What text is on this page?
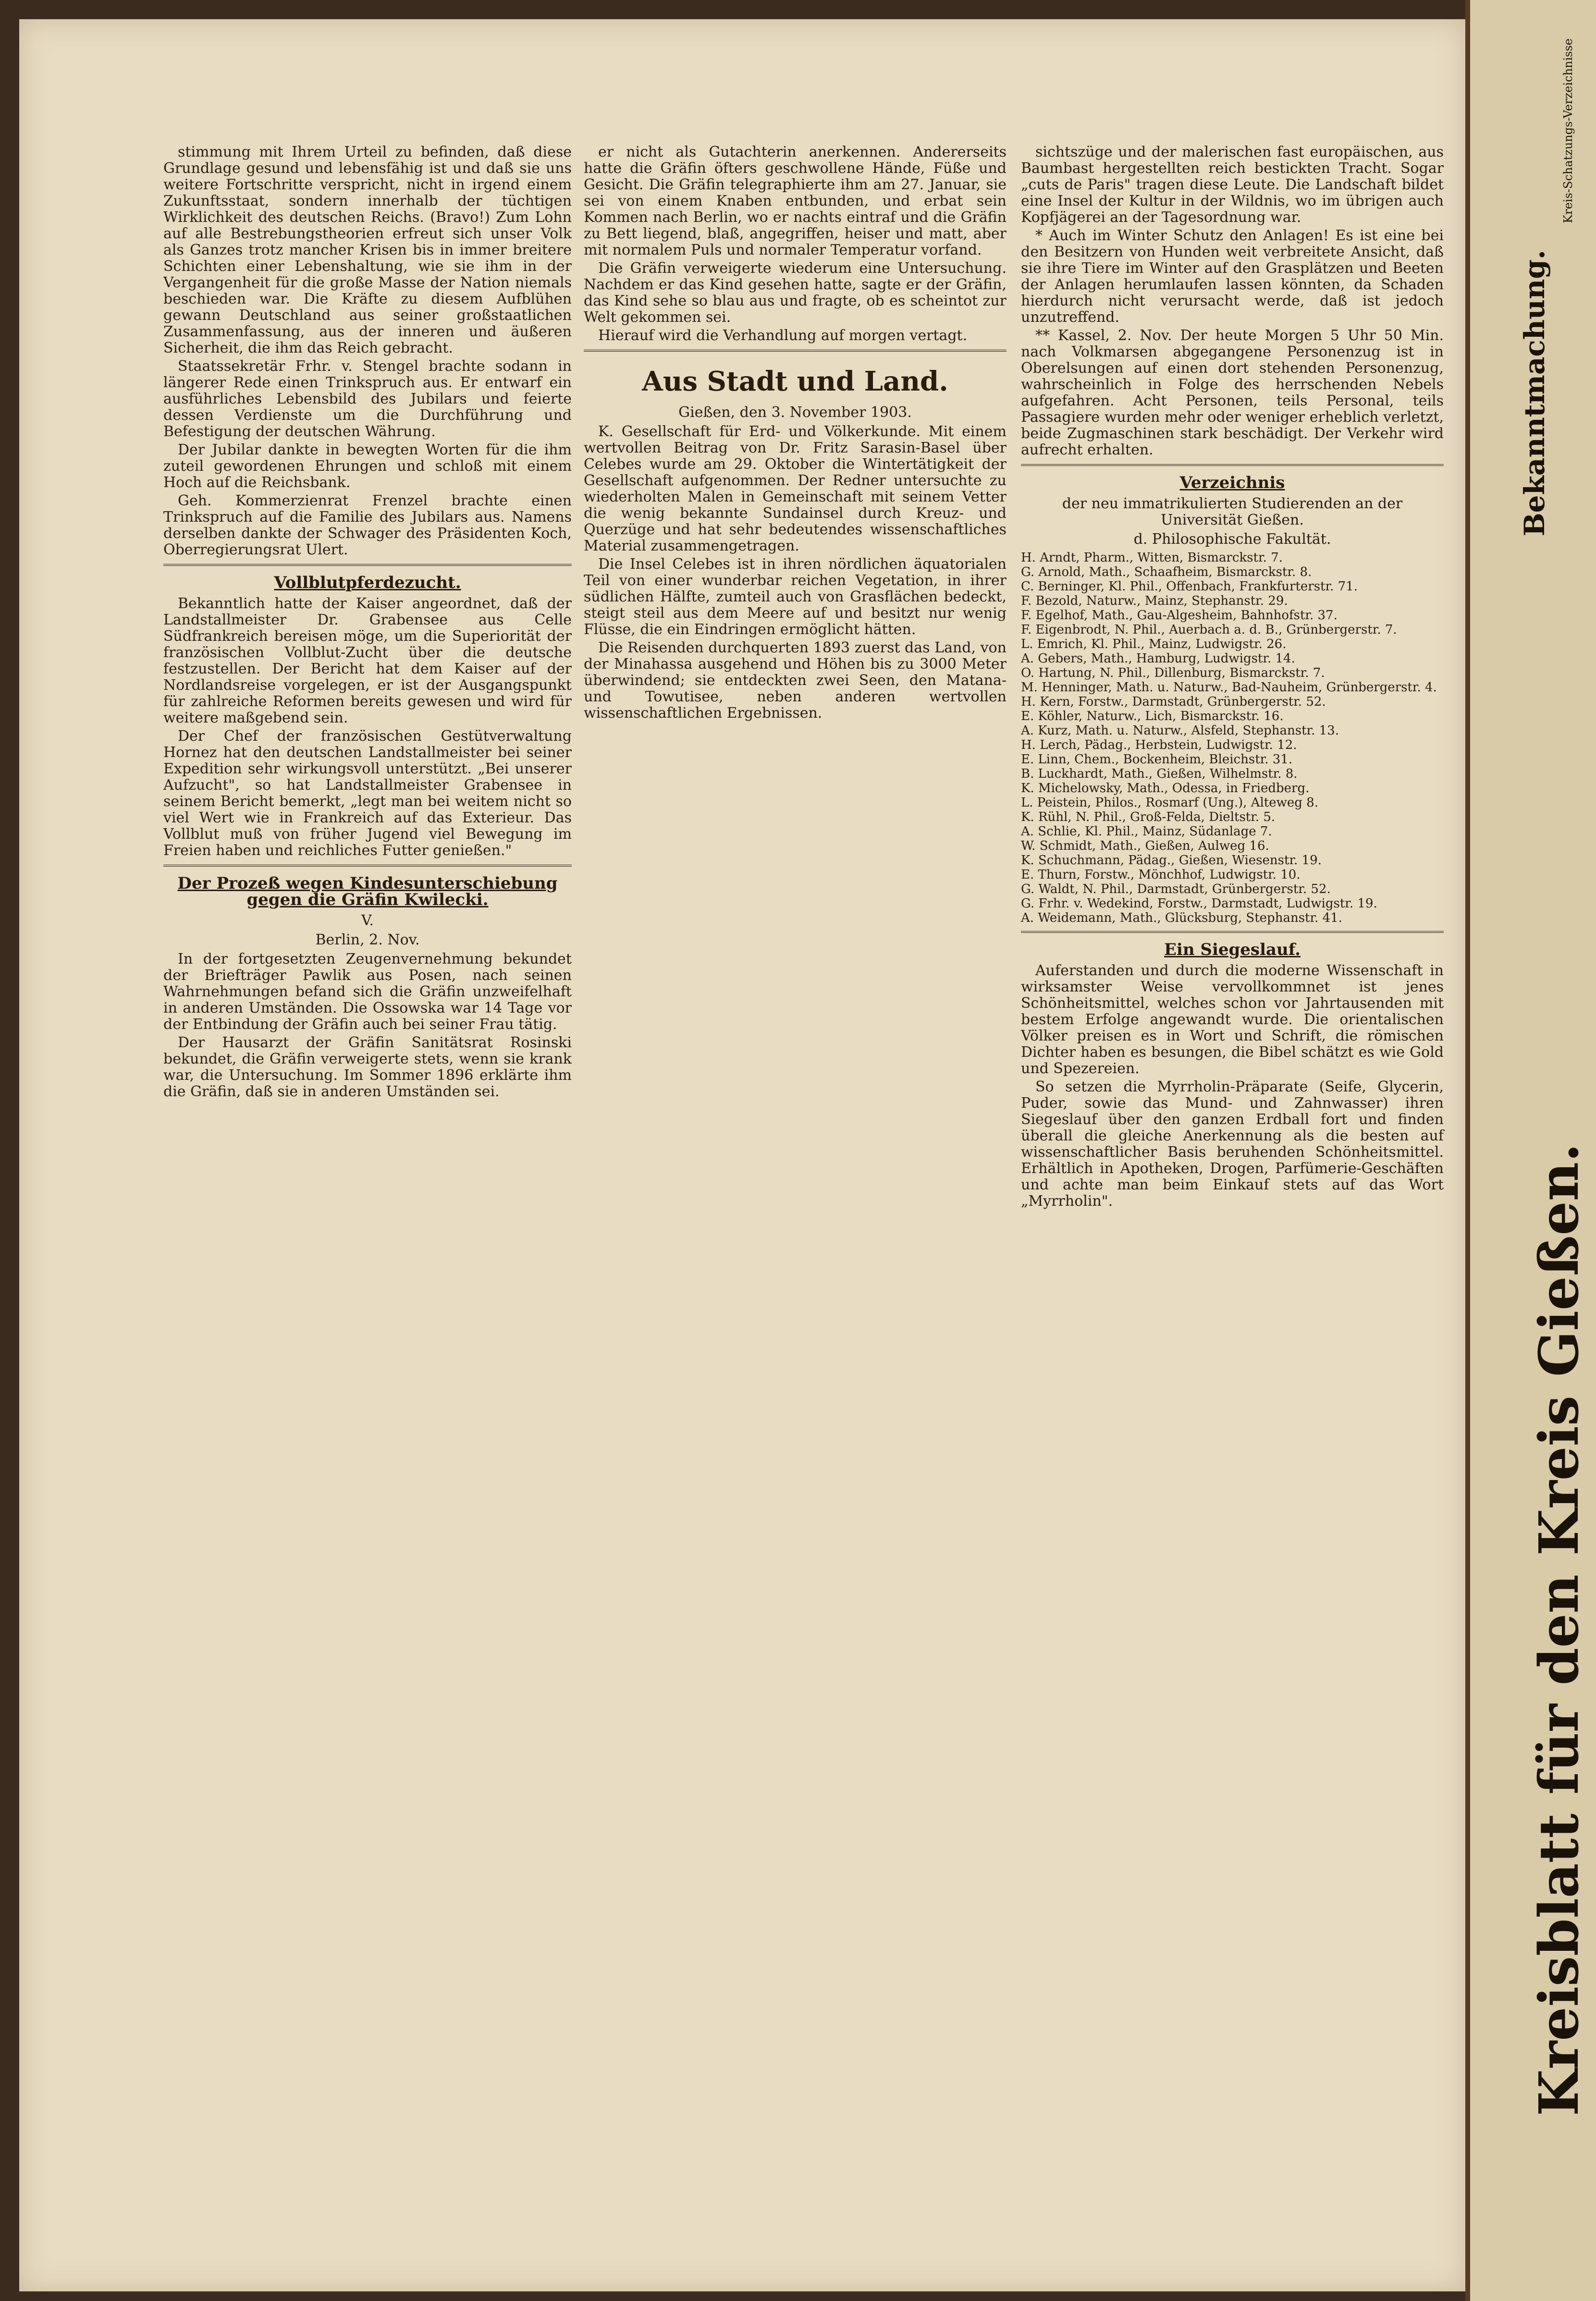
stimmung mit Ihrem Urteil zu befinden, daß diese Grundlage gesund und lebensfähig ist und daß sie uns weitere Fortschritte verspricht, nicht in irgend einem Zukunftsstaat, sondern innerhalb der tüchtigen Wirklichkeit des deutschen Reichs. (Bravo!) Zum Lohn auf alle Bestrebungstheorien erfreut sich unser Volk als Ganzes trotz mancher Krisen bis in immer breitere Schichten einer Lebenshaltung, wie sie ihm in der Vergangenheit für die große Masse der Nation niemals beschieden war. Die Kräfte zu diesem Aufblühen gewann Deutschland aus seiner großstaatlichen Zusammenfassung, aus der inneren und äußeren Sicherheit, die ihm das Reich gebracht.

Staatssekretär Frhr. v. Stengel brachte sodann in längerer Rede einen Trinkspruch aus. Er entwarf ein ausführliches Lebensbild des Jubilars und feierte dessen Verdienste um die Durchführung und Befestigung der deutschen Währung.

Der Jubilar dankte in bewegten Worten für die ihm zuteil gewordenen Ehrungen und schloß mit einem Hoch auf die Reichsbank.

Geh. Kommerzienrat Frenzel brachte einen Trinkspruch auf die Familie des Jubilars aus. Namens derselben dankte der Schwager des Präsidenten Koch, Oberregierungsrat Ulert.

Vollblutpferdezucht.

Bekanntlich hatte der Kaiser angeordnet, daß der Landstallmeister Dr. Grabensee aus Celle Südfrankreich bereisen möge, um die Superiorität der französischen Vollblut-Zucht über die deutsche festzustellen. Der Bericht hat dem Kaiser auf der Nordlandsreise vorgelegen, er ist der Ausgangspunkt für zahlreiche Reformen bereits gewesen und wird für weitere maßgebend sein.

Der Chef der französischen Gestütverwaltung Hornez hat den deutschen Landstallmeister bei seiner Expedition sehr wirkungsvoll unterstützt. „Bei unserer Aufzucht", so hat Landstallmeister Grabensee in seinem Bericht bemerkt, „legt man bei weitem nicht so viel Wert wie in Frankreich auf das Exterieur. Das Vollblut muß von früher Jugend viel Bewegung im Freien haben und reichliches Futter genießen."

Der Prozeß wegen Kindesunterschiebung gegen die Gräfin Kwilecki.
V.
Berlin, 2. Nov.

In der fortgesetzten Zeugenvernehmung bekundet der Briefträger Pawlik aus Posen, nach seinen Wahrnehmungen befand sich die Gräfin unzweifelhaft in anderen Umständen. Die Ossowska war 14 Tage vor der Entbindung der Gräfin auch bei seiner Frau tätig.

Der Hausarzt der Gräfin Sanitätsrat Rosinski bekundet, die Gräfin verweigerte stets, wenn sie krank war, die Untersuchung. Im Sommer 1896 erklärte ihm die Gräfin, daß sie in anderen Umständen sei.

er nicht als Gutachterin anerkennen. Andererseits hatte die Gräfin öfters geschwollene Hände, Füße und Gesicht. Die Gräfin telegraphierte ihm am 27. Januar, sie sei von einem Knaben entbunden, und erbat sein Kommen nach Berlin, wo er nachts eintraf und die Gräfin zu Bett liegend, blaß, angegriffen, heiser und matt, aber mit normalem Puls und normaler Temperatur vorfand.

Die Gräfin verweigerte wiederum eine Untersuchung. Nachdem er das Kind gesehen hatte, sagte er der Gräfin, das Kind sehe so blau aus und fragte, ob es scheintot zur Welt gekommen sei.

Hierauf wird die Verhandlung auf morgen vertagt.

Aus Stadt und Land.
Gießen, den 3. November 1903.

K. Gesellschaft für Erd- und Völkerkunde. Mit einem wertvollen Beitrag von Dr. Fritz Sarasin-Basel über Celebes wurde am 29. Oktober die Wintertätigkeit der Gesellschaft aufgenommen. Der Redner untersuchte zu wiederholten Malen in Gemeinschaft mit seinem Vetter die wenig bekannte Sundainsel durch Kreuz- und Querzüge und hat sehr bedeutendes wissenschaftliches Material zusammengetragen.

Die Insel Celebes ist in ihren nördlichen äquatorialen Teil von einer wunderbar reichen Vegetation, in ihrer südlichen Hälfte, zumteil auch von Grasflächen bedeckt, steigt steil aus dem Meere auf und besitzt nur wenig Flüsse, die ein Eindringen ermöglicht hätten.

Die Reisenden durchquerten 1893 zuerst das Land, von der Minahassa ausgehend und Höhen bis zu 3000 Meter überwindend; sie entdeckten zwei Seen, den Matana- und Towutisee, neben anderen wertvollen wissenschaftlichen Ergebnissen.

sichtszüge und der malerischen fast europäischen, aus Baumbast hergestellten reich bestickten Tracht. Sogar „cuts de Paris" tragen diese Leute. Die Landschaft bildet eine Insel der Kultur in der Wildnis, wo im übrigen auch Kopfjägerei an der Tagesordnung war.

* Auch im Winter Schutz den Anlagen! Es ist eine bei den Besitzern von Hunden weit verbreitete Ansicht, daß sie ihre Tiere im Winter auf den Grasplätzen und Beeten der Anlagen herumlaufen lassen könnten, da Schaden hierdurch nicht verursacht werde, daß ist jedoch unzutreffend.

** Kassel, 2. Nov. Der heute Morgen 5 Uhr 50 Min. nach Volkmarsen abgegangene Personenzug ist in Oberelsungen auf einen dort stehenden Personenzug, wahrscheinlich in Folge des herrschenden Nebels aufgefahren. Acht Personen, teils Personal, teils Passagiere wurden mehr oder weniger erheblich verletzt, beide Zugmaschinen stark beschädigt. Der Verkehr wird aufrecht erhalten.

Verzeichnis
der neu immatrikulierten Studierenden an der Universität Gießen.
d. Philosophische Fakultät.
H. Arndt, Pharm., Witten, Bismarckstr. 7.
G. Arnold, Math., Schaafheim, Bismarckstr. 8.
C. Berninger, Kl. Phil., Offenbach, Frankfurterstr. 71.
F. Bezold, Naturw., Mainz, Stephanstr. 29.
F. Egelhof, Math., Gau-Algesheim, Bahnhofstr. 37.
F. Eigenbrodt, N. Phil., Auerbach a. d. B., Grünbergerstr. 7.
L. Emrich, Kl. Phil., Mainz, Ludwigstr. 26.
A. Gebers, Math., Hamburg, Ludwigstr. 14.
O. Hartung, N. Phil., Dillenburg, Bismarckstr. 7.
M. Henninger, Math. u. Naturw., Bad-Nauheim, Grünbergerstr. 4.
H. Kern, Forstw., Darmstadt, Grünbergerstr. 52.
E. Köhler, Naturw., Lich, Bismarckstr. 16.
A. Kurz, Math. u. Naturw., Alsfeld, Stephanstr. 13.
H. Lerch, Pädag., Herbstein, Ludwigstr. 12.
E. Linn, Chem., Bockenheim, Bleichstr. 31.
B. Luckhardt, Math., Gießen, Wilhelmstr. 8.
K. Michelowsky, Math., Odessa, in Friedberg.
L. Peistein, Philos., Rosmarf (Ung.), Alteweg 8.
K. Rühl, N. Phil., Groß-Felda, Dieltstr. 5.
A. Schlie, Kl. Phil., Mainz, Südanlage 7.
W. Schmidt, Math., Gießen, Aulweg 16.
K. Schuchmann, Pädag., Gießen, Wiesenstr. 19.
E. Thurn, Forstw., Mönchhof, Ludwigstr. 10.
G. Waldt, N. Phil., Darmstadt, Grünbergerstr. 52.
G. Frhr. v. Wedekind, Forstw., Darmstadt, Ludwigstr. 19.
A. Weidemann, Math., Glücksburg, Stephanstr. 41.
Ein Siegeslauf.

Auferstanden und durch die moderne Wissenschaft in wirksamster Weise vervollkommnet ist jenes Schönheitsmittel, welches schon vor Jahrtausenden mit bestem Erfolge angewandt wurde. Die orientalischen Völker preisen es in Wort und Schrift, die römischen Dichter haben es besungen, die Bibel schätzt es wie Gold und Spezereien.

So setzen die Myrrholin-Präparate (Seife, Glycerin, Puder, sowie das Mund- und Zahnwasser) ihren Siegeslauf über den ganzen Erdball fort und finden überall die gleiche Anerkennung als die besten auf wissenschaftlicher Basis beruhenden Schönheitsmittel. Erhältlich in Apotheken, Drogen, Parfümerie-Geschäften und achte man beim Einkauf stets auf das Wort „Myrrholin".

Kreis-Schatzungs-Verzeichnisse
Bekanntmachung.
Kreisblatt für den Kreis Gießen.
